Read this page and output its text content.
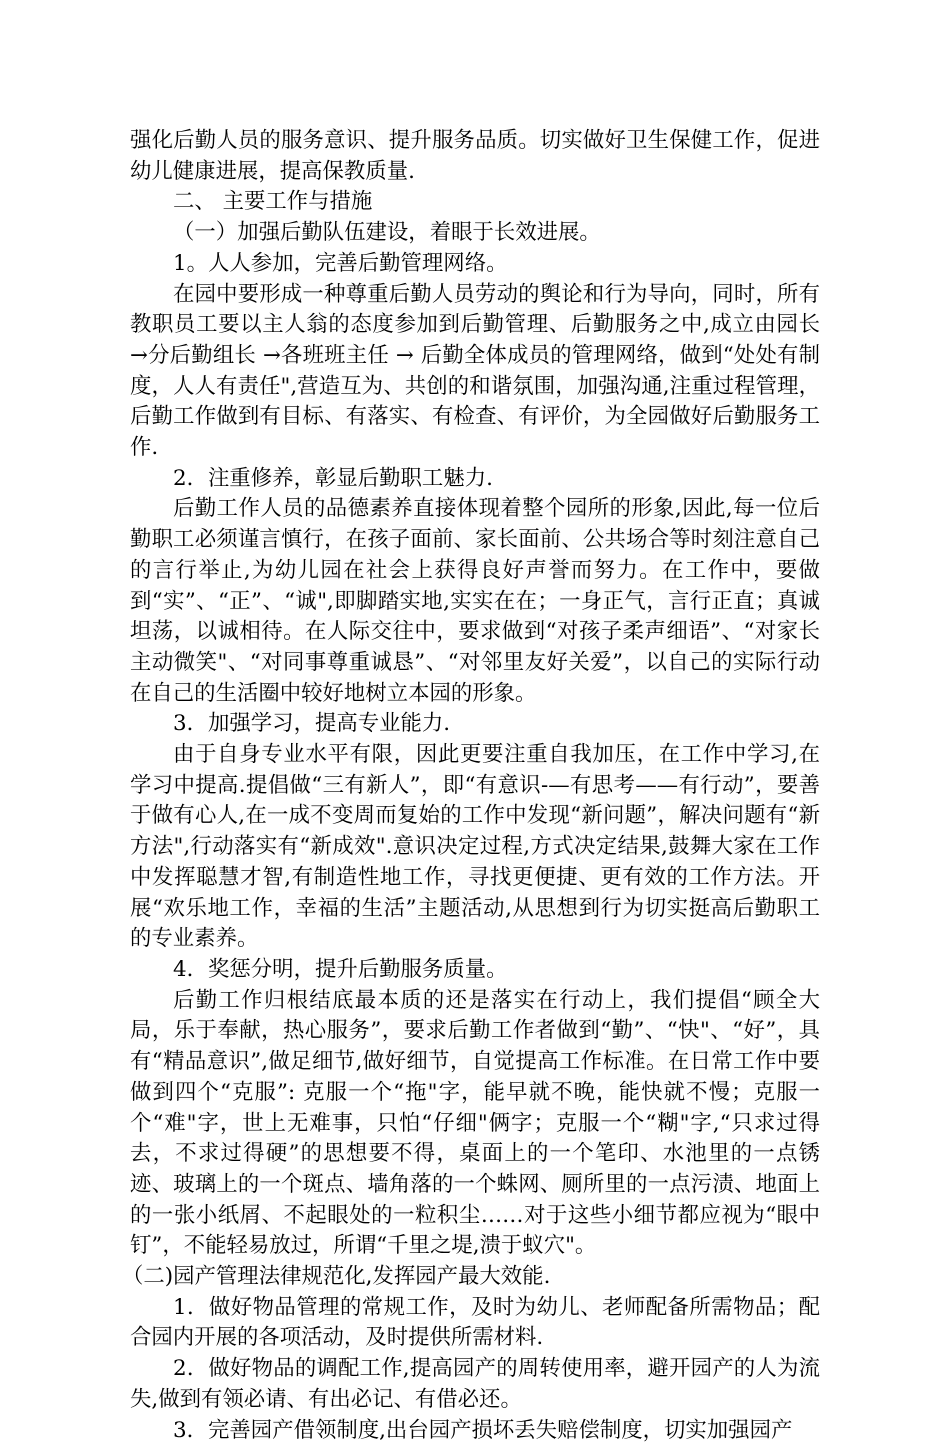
强化后勤人员的服务意识、提升服务品质。切实做好卫生保健工作，促进幼儿健康进展，提高保教质量.

二、 主要工作与措施

（一）加强后勤队伍建设，着眼于长效进展。

1。人人参加，完善后勤管理网络。

在园中要形成一种尊重后勤人员劳动的舆论和行为导向，同时，所有教职员工要以主人翁的态度参加到后勤管理、后勤服务之中,成立由园长 →分后勤组长 →各班班主任 → 后勤全体成员的管理网络，做到“处处有制度，人人有责任",营造互为、共创的和谐氛围，加强沟通,注重过程管理，后勤工作做到有目标、有落实、有检查、有评价，为全园做好后勤服务工作.

2．注重修养，彰显后勤职工魅力.

后勤工作人员的品德素养直接体现着整个园所的形象,因此,每一位后勤职工必须谨言慎行，在孩子面前、家长面前、公共场合等时刻注意自己的言行举止,为幼儿园在社会上获得良好声誉而努力。在工作中，要做到“实”、“正”、“诚",即脚踏实地,实实在在；一身正气，言行正直；真诚坦荡，以诚相待。在人际交往中，要求做到“对孩子柔声细语”、“对家长主动微笑"、“对同事尊重诚恳”、“对邻里友好关爱”，以自己的实际行动在自己的生活圈中较好地树立本园的形象。

3．加强学习，提高专业能力.

由于自身专业水平有限，因此更要注重自我加压，在工作中学习,在学习中提高.提倡做“三有新人”，即“有意识-—有思考——有行动”，要善于做有心人,在一成不变周而复始的工作中发现“新问题”，解决问题有“新方法",行动落实有“新成效".意识决定过程,方式决定结果,鼓舞大家在工作中发挥聪慧才智,有制造性地工作，寻找更便捷、更有效的工作方法。开展“欢乐地工作，幸福的生活”主题活动,从思想到行为切实挺高后勤职工的专业素养。

4．奖惩分明，提升后勤服务质量。

后勤工作归根结底最本质的还是落实在行动上，我们提倡“顾全大局，乐于奉献，热心服务”，要求后勤工作者做到“勤”、“快"、“好”，具有“精品意识”,做足细节,做好细节，自觉提高工作标准。在日常工作中要做到四个“克服”: 克服一个“拖"字，能早就不晚，能快就不慢；克服一个“难"字，世上无难事，只怕“仔细"俩字；克服一个“糊"字,“只求过得去，不求过得硬”的思想要不得，桌面上的一个笔印、水池里的一点锈迹、玻璃上的一个斑点、墙角落的一个蛛网、厕所里的一点污渍、地面上的一张小纸屑、不起眼处的一粒积尘……对于这些小细节都应视为“眼中钉”，不能轻易放过，所谓“千里之堤,溃于蚁穴"。

（二)园产管理法律规范化,发挥园产最大效能.

1．做好物品管理的常规工作，及时为幼儿、老师配备所需物品；配合园内开展的各项活动，及时提供所需材料.

2．做好物品的调配工作,提高园产的周转使用率，避开园产的人为流失,做到有领必请、有出必记、有借必还。

3．完善园产借领制度,出台园产损坏丢失赔偿制度，切实加强园产
